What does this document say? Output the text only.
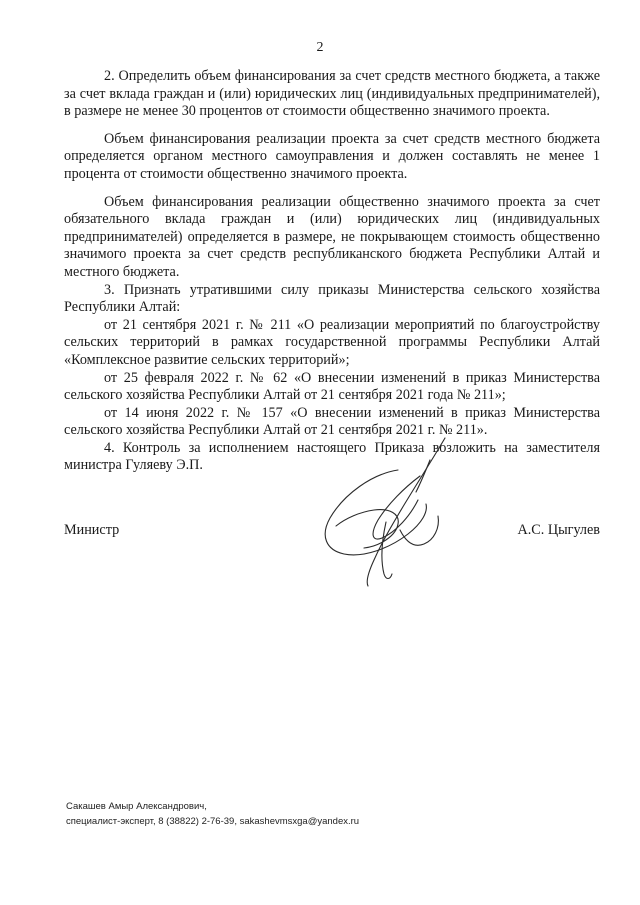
2

2. Определить объем финансирования за счет средств местного бюджета, а также за счет вклада граждан и (или) юридических лиц (индивидуальных предпринимателей), в размере не менее 30 процентов от стоимости общественно значимого проекта.

Объем финансирования реализации проекта за счет средств местного бюджета определяется органом местного самоуправления и должен составлять не менее 1 процента от стоимости общественно значимого проекта.

Объем финансирования реализации общественно значимого проекта за счет обязательного вклада граждан и (или) юридических лиц (индивидуальных предпринимателей) определяется в размере, не покрывающем стоимость общественно значимого проекта за счет средств республиканского бюджета Республики Алтай и местного бюджета.

3. Признать утратившими силу приказы Министерства сельского хозяйства Республики Алтай:

от 21 сентября 2021 г. № 211 «О реализации мероприятий по благоустройству сельских территорий в рамках государственной программы Республики Алтай «Комплексное развитие сельских территорий»;

от 25 февраля 2022 г. № 62 «О внесении изменений в приказ Министерства сельского хозяйства Республики Алтай от 21 сентября 2021 года № 211»;

от 14 июня 2022 г. № 157 «О внесении изменений в приказ Министерства сельского хозяйства Республики Алтай от 21 сентября 2021 г. № 211».

4. Контроль за исполнением настоящего Приказа возложить на заместителя министра Гуляеву Э.П.

Министр	А.С. Цыгулев
Сакашев Амыр Александрович,
специалист-эксперт, 8 (38822) 2-76-39, sakashevmsxga@yandex.ru
